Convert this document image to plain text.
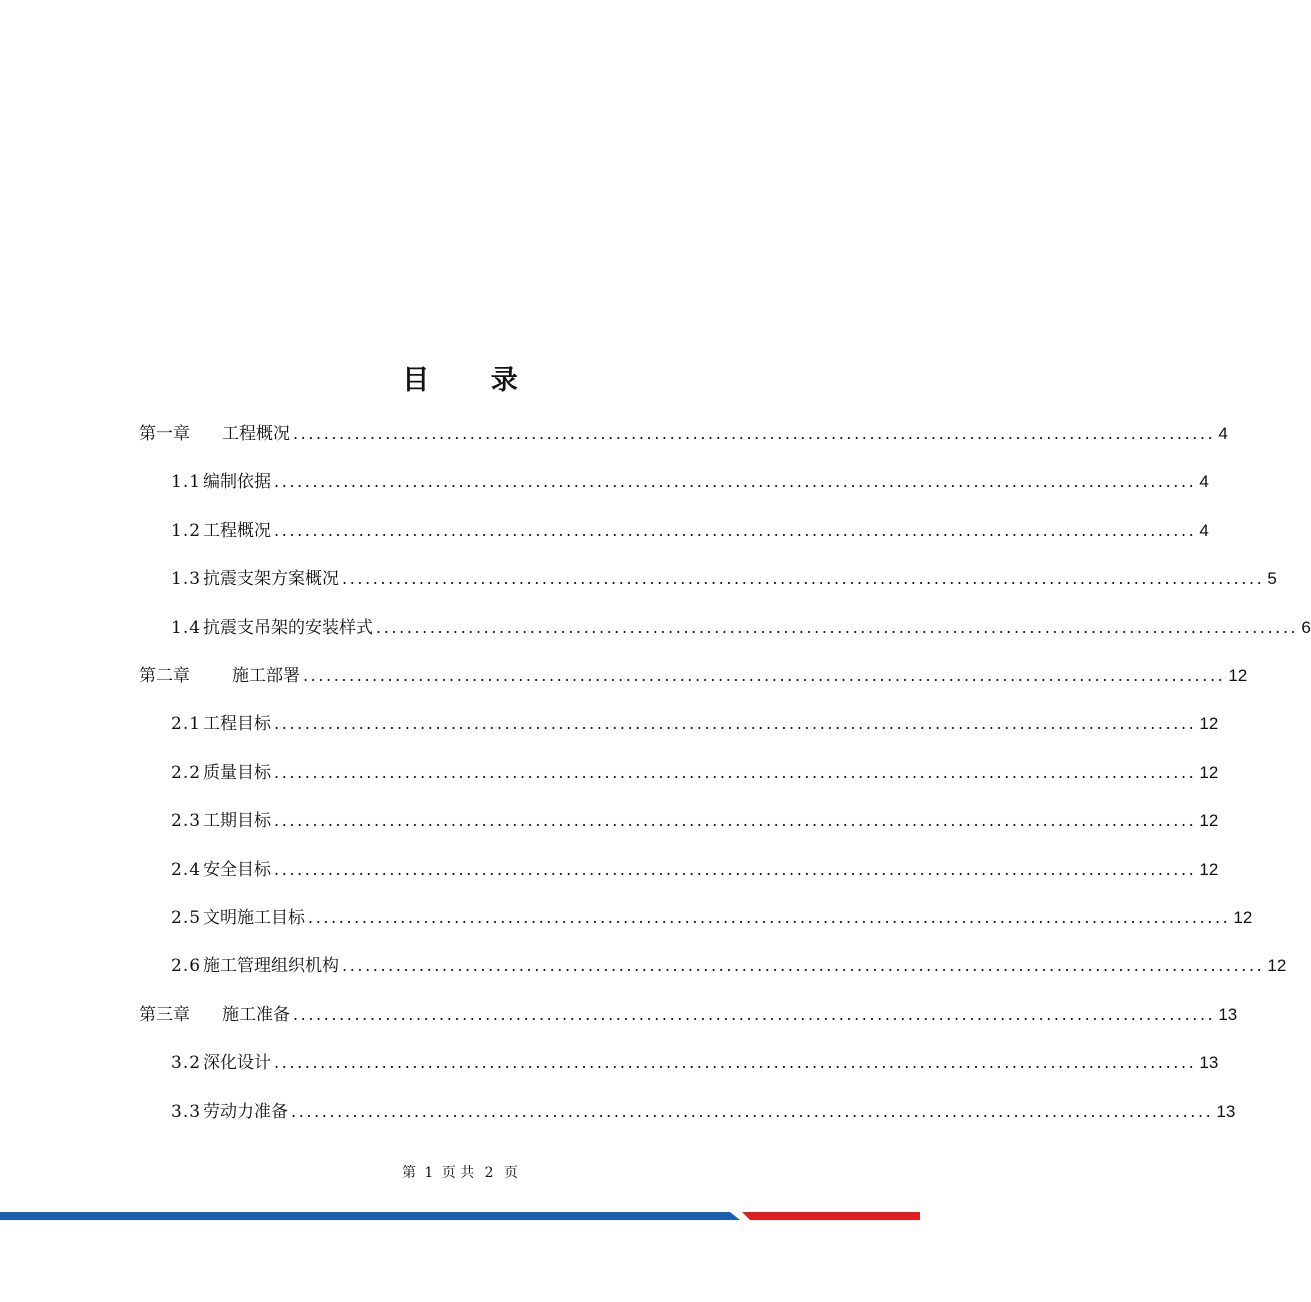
目 录
第一章 工程概况 ........................................................................................................................ 4
1.1 编制依据 ........................................................................................................................ 4
1.2 工程概况 ........................................................................................................................ 4
1.3 抗震支架方案概况 ........................................................................................................................ 5
1.4 抗震支吊架的安装样式 ........................................................................................................................ 6
第二章 施工部署 ........................................................................................................................ 12
2.1 工程目标 ........................................................................................................................ 12
2.2 质量目标 ........................................................................................................................ 12
2.3 工期目标 ........................................................................................................................ 12
2.4 安全目标 ........................................................................................................................ 12
2.5 文明施工目标 ........................................................................................................................ 12
2.6 施工管理组织机构 ........................................................................................................................ 12
第三章 施工准备 ........................................................................................................................ 13
3.2 深化设计 ........................................................................................................................ 13
3.3 劳动力准备 ........................................................................................................................ 13
第 1 页 共 2 页
